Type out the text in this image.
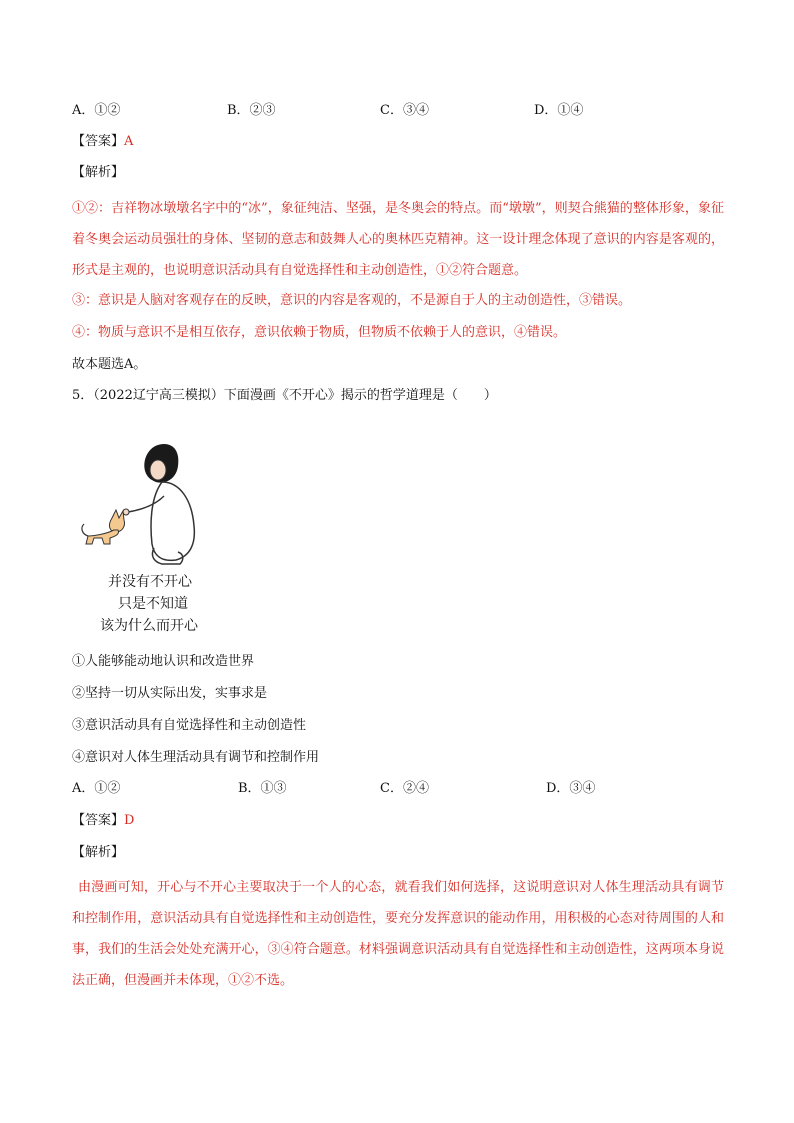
A．①②	B．②③	C．③④	D．①④
【答案】A
【解析】
①②：吉祥物冰墩墩名字中的“冰”，象征纯洁、坚强，是冬奥会的特点。而“墩墩”，则契合熊猫的整体形象，象征着冬奥会运动员强壮的身体、坚韧的意志和鼓舞人心的奥林匹克精神。这一设计理念体现了意识的内容是客观的，形式是主观的，也说明意识活动具有自觉选择性和主动创造性，①②符合题意。
③：意识是人脑对客观存在的反映，意识的内容是客观的，不是源自于人的主动创造性，③错误。
④：物质与意识不是相互依存，意识依赖于物质，但物质不依赖于人的意识，④错误。
故本题选A。
5．（2022辽宁高三模拟）下面漫画《不开心》揭示的哲学道理是（　　）
并没有不开心
只是不知道
该为什么而开心
①人能够能动地认识和改造世界
②坚持一切从实际出发，实事求是
③意识活动具有自觉选择性和主动创造性
④意识对人体生理活动具有调节和控制作用
A．①②	B．①③	C．②④	D．③④
【答案】D
【解析】
由漫画可知，开心与不开心主要取决于一个人的心态，就看我们如何选择，这说明意识对人体生理活动具有调节和控制作用，意识活动具有自觉选择性和主动创造性，要充分发挥意识的能动作用，用积极的心态对待周围的人和事，我们的生活会处处充满开心，③④符合题意。材料强调意识活动具有自觉选择性和主动创造性，这两项本身说法正确，但漫画并未体现，①②不选。
